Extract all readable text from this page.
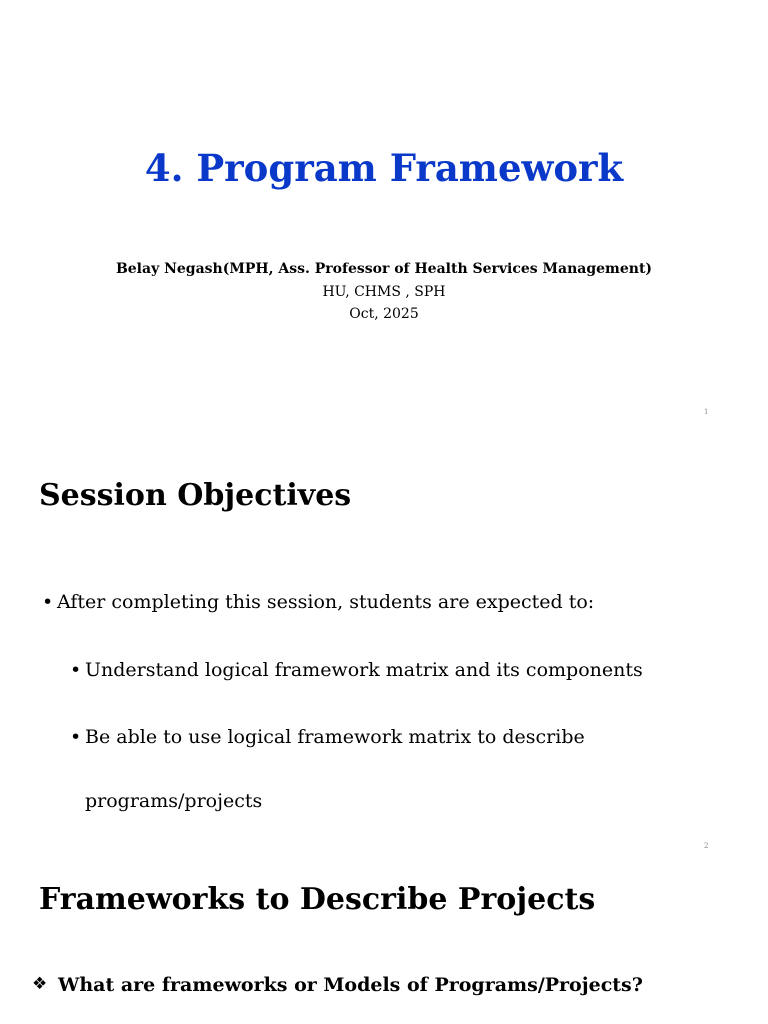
4. Program Framework
Belay Negash(MPH, Ass. Professor of Health Services Management)
HU, CHMS , SPH
Oct, 2025
1
Session Objectives
• After completing this session, students are expected to:
• Understand logical framework matrix and its components
• Be able to use logical framework matrix to describe
programs/projects
2
Frameworks to Describe Projects
❖ What are frameworks or Models of Programs/Projects?
